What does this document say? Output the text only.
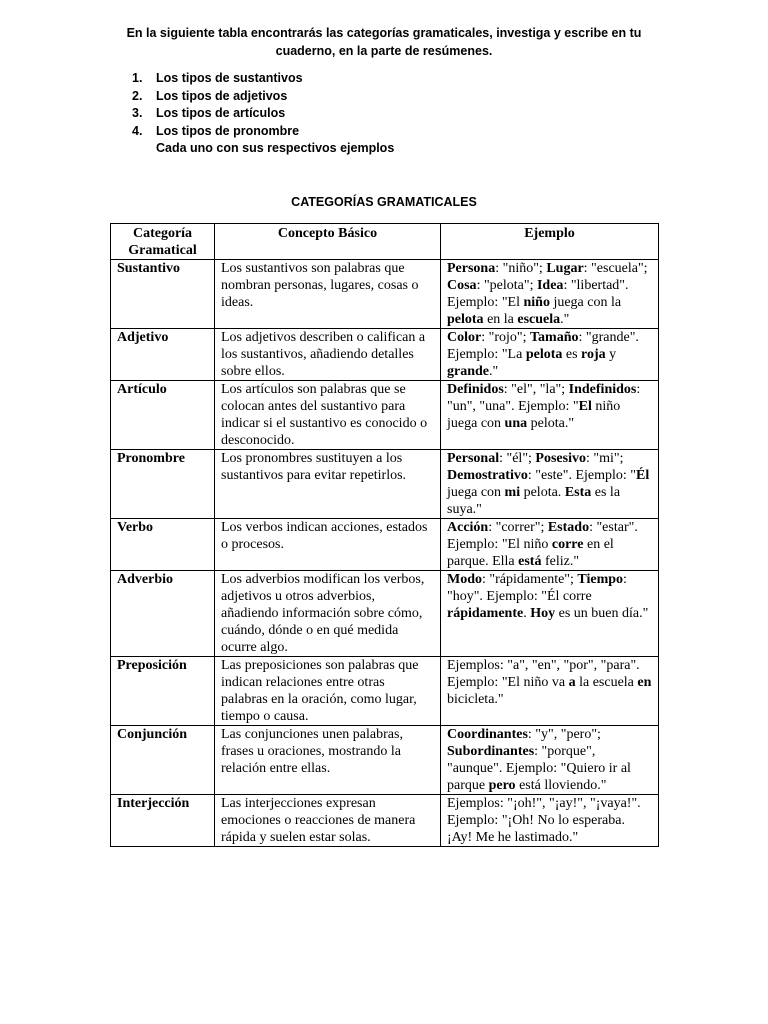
En la siguiente tabla encontrarás las categorías gramaticales, investiga y escribe en tu
cuaderno, en la parte de resúmenes.
1.	Los tipos de sustantivos
2.	Los tipos de adjetivos
3.	Los tipos de artículos
4.	Los tipos de pronombre
Cada uno con sus respectivos ejemplos
CATEGORÍAS GRAMATICALES
Categoría Gramatical	Concepto Básico	Ejemplo
Sustantivo	Los sustantivos son palabras que nombran personas, lugares, cosas o ideas.	Persona: "niño"; Lugar: "escuela"; Cosa: "pelota"; Idea: "libertad". Ejemplo: "El niño juega con la pelota en la escuela."
Adjetivo	Los adjetivos describen o califican a los sustantivos, añadiendo detalles sobre ellos.	Color: "rojo"; Tamaño: "grande". Ejemplo: "La pelota es roja y grande."
Artículo	Los artículos son palabras que se colocan antes del sustantivo para indicar si el sustantivo es conocido o desconocido.	Definidos: "el", "la"; Indefinidos: "un", "una". Ejemplo: "El niño juega con una pelota."
Pronombre	Los pronombres sustituyen a los sustantivos para evitar repetirlos.	Personal: "él"; Posesivo: "mi"; Demostrativo: "este". Ejemplo: "Él juega con mi pelota. Esta es la suya."
Verbo	Los verbos indican acciones, estados o procesos.	Acción: "correr"; Estado: "estar". Ejemplo: "El niño corre en el parque. Ella está feliz."
Adverbio	Los adverbios modifican los verbos, adjetivos u otros adverbios, añadiendo información sobre cómo, cuándo, dónde o en qué medida ocurre algo.	Modo: "rápidamente"; Tiempo: "hoy". Ejemplo: "Él corre rápidamente. Hoy es un buen día."
Preposición	Las preposiciones son palabras que indican relaciones entre otras palabras en la oración, como lugar, tiempo o causa.	Ejemplos: "a", "en", "por", "para". Ejemplo: "El niño va a la escuela en bicicleta."
Conjunción	Las conjunciones unen palabras, frases u oraciones, mostrando la relación entre ellas.	Coordinantes: "y", "pero"; Subordinantes: "porque", "aunque". Ejemplo: "Quiero ir al parque pero está lloviendo."
Interjección	Las interjecciones expresan emociones o reacciones de manera rápida y suelen estar solas.	Ejemplos: "¡oh!", "¡ay!", "¡vaya!". Ejemplo: "¡Oh! No lo esperaba. ¡Ay! Me he lastimado."
